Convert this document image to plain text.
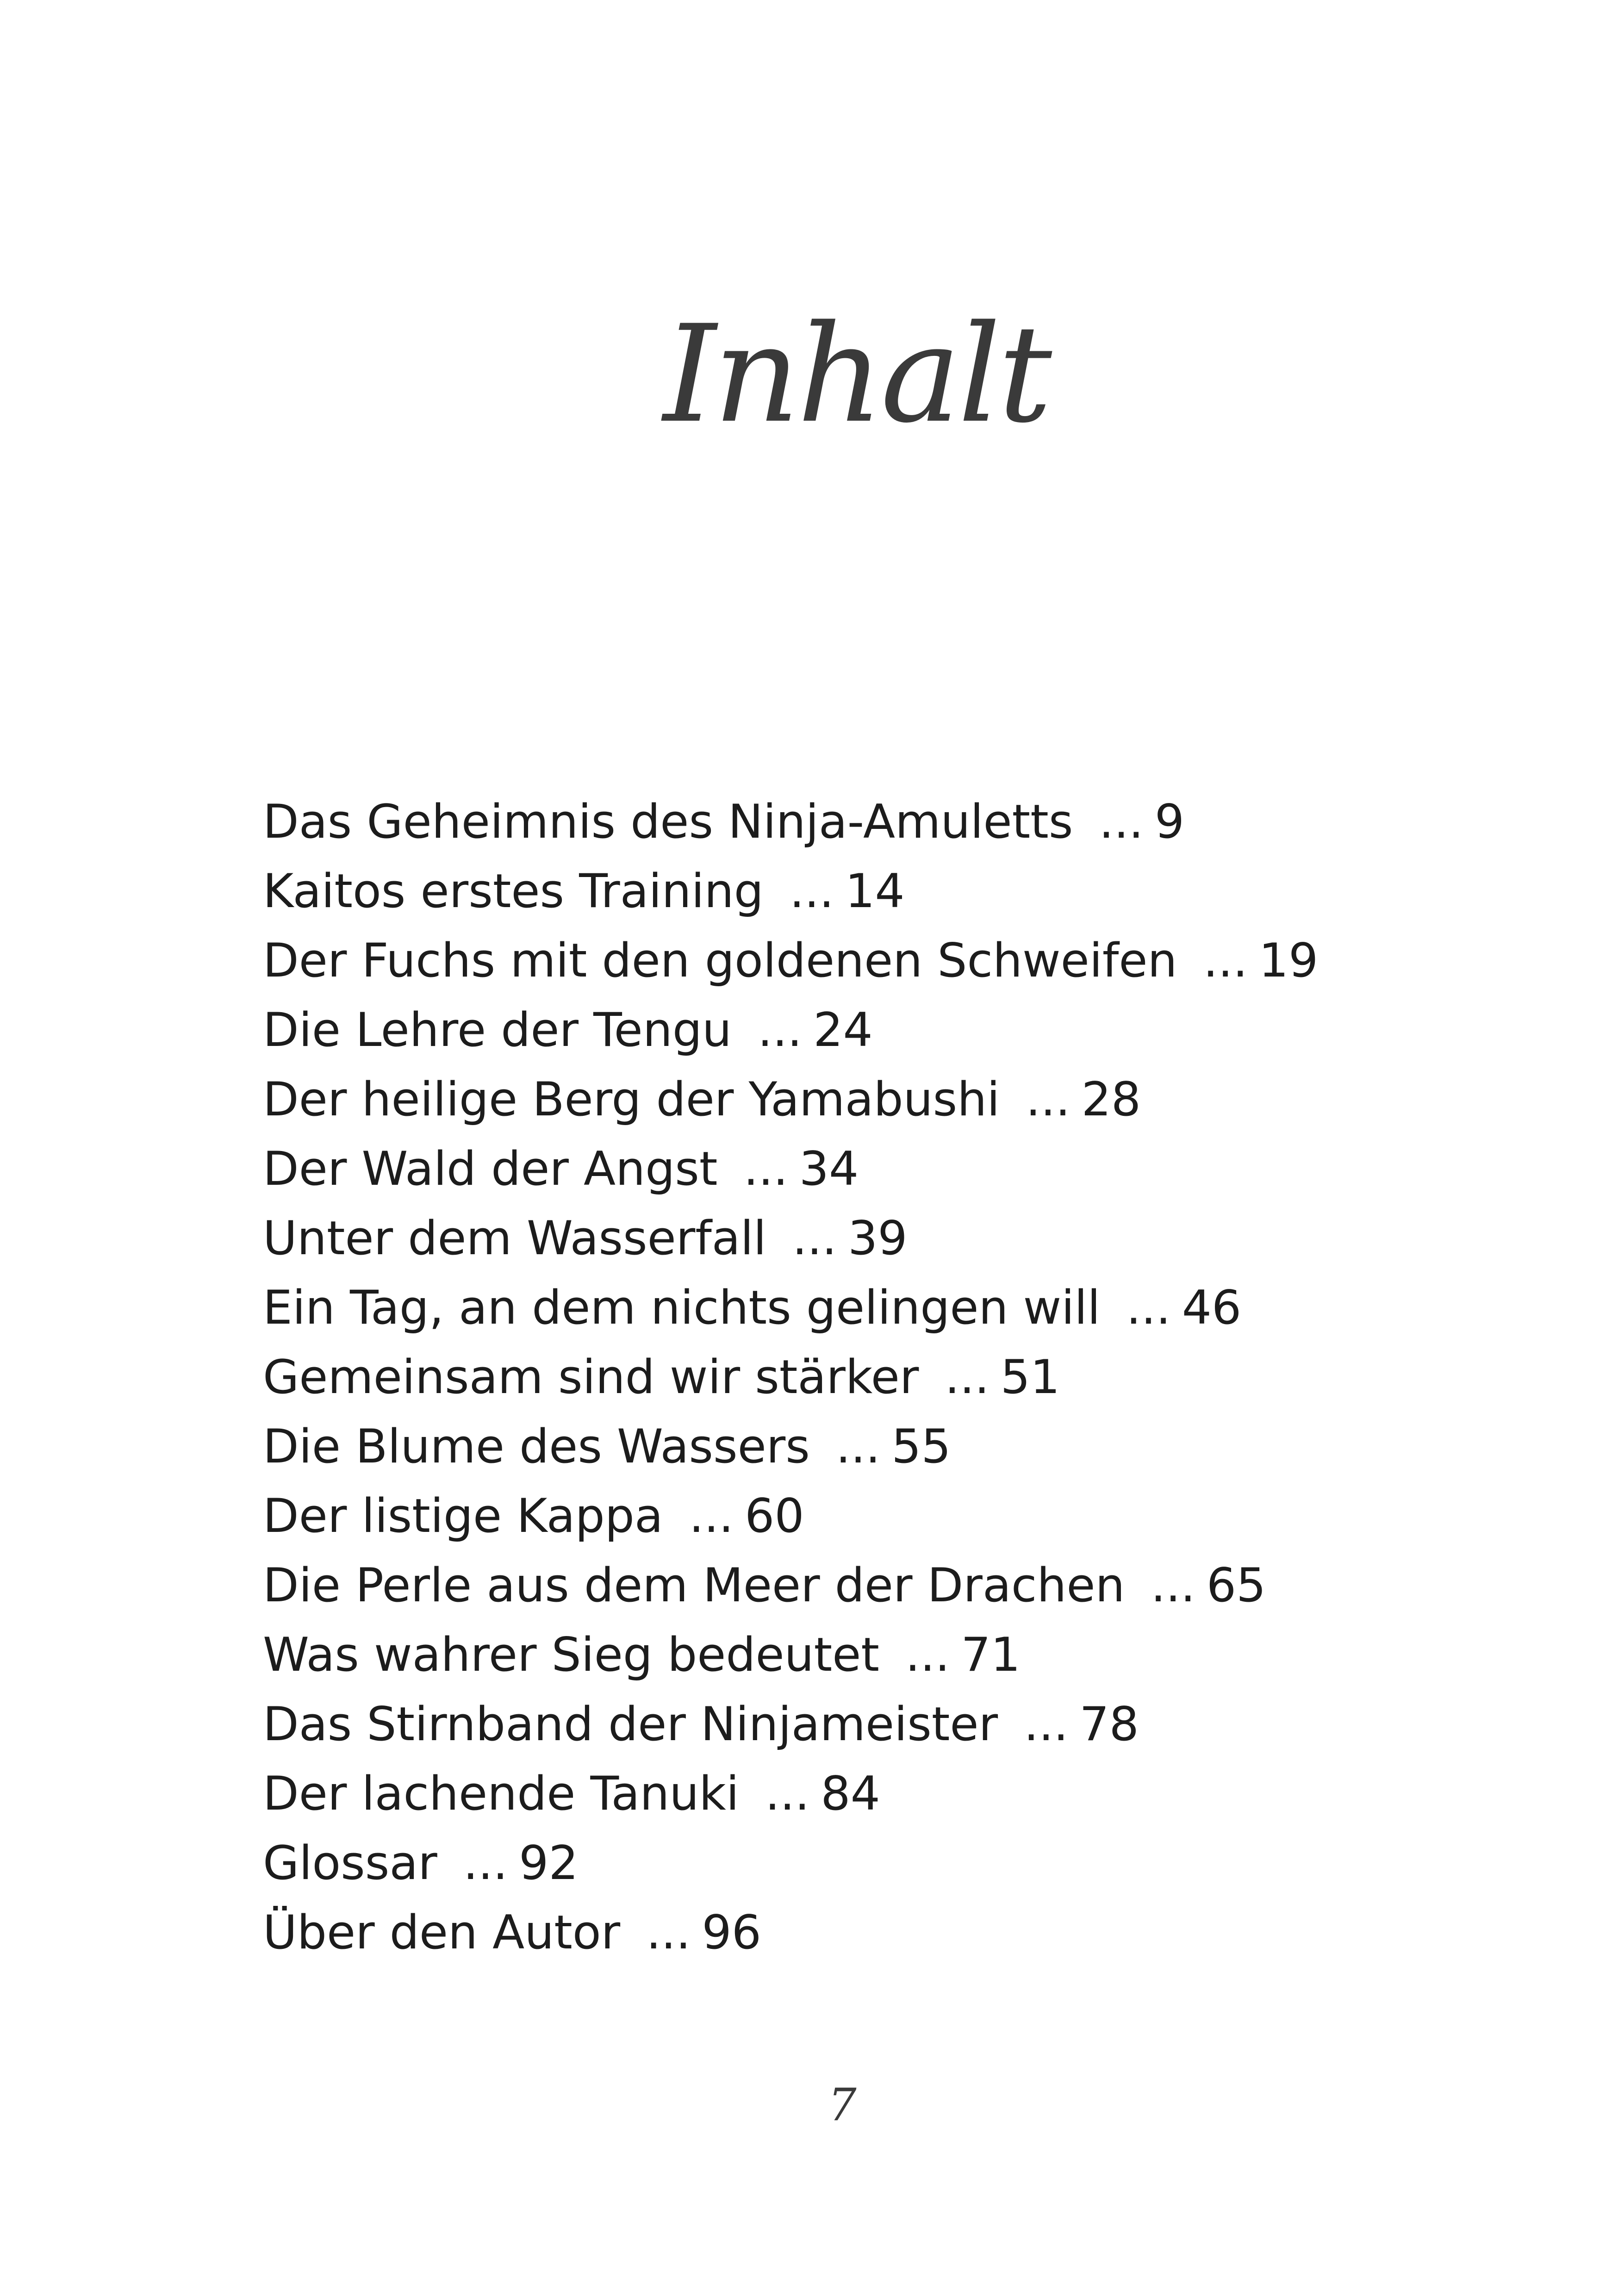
Inhalt
Das Geheimnis des Ninja-Amuletts ... 9
Kaitos erstes Training ... 14
Der Fuchs mit den goldenen Schweifen ... 19
Die Lehre der Tengu ... 24
Der heilige Berg der Yamabushi ... 28
Der Wald der Angst ... 34
Unter dem Wasserfall ... 39
Ein Tag, an dem nichts gelingen will ... 46
Gemeinsam sind wir stärker ... 51
Die Blume des Wassers ... 55
Der listige Kappa ... 60
Die Perle aus dem Meer der Drachen ... 65
Was wahrer Sieg bedeutet ... 71
Das Stirnband der Ninjameister ... 78
Der lachende Tanuki ... 84
Glossar ... 92
Über den Autor ... 96
7
